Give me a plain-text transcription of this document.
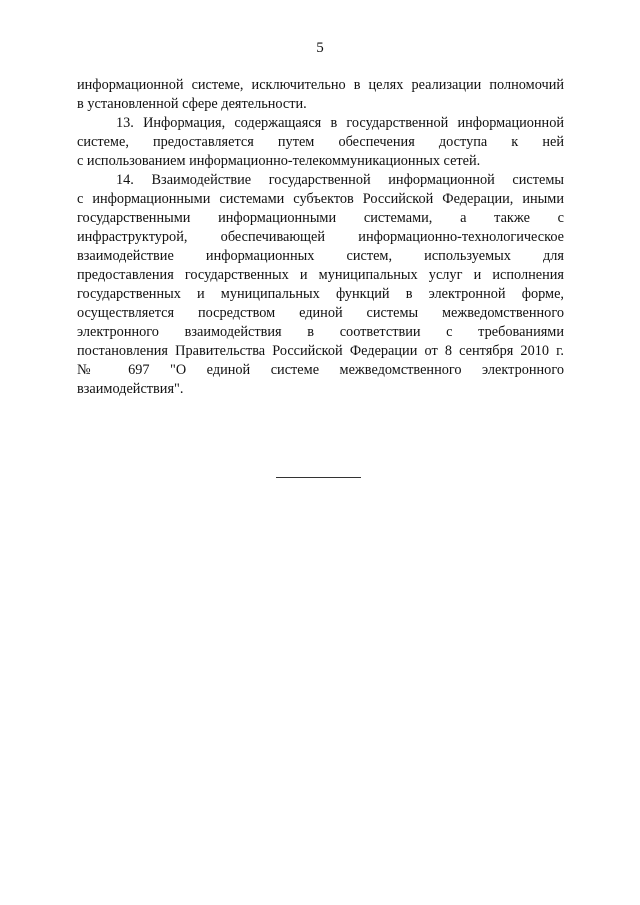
5
информационной системе, исключительно в целях реализации полномочий
в установленной сфере деятельности.
13. Информация, содержащаяся в государственной информационной
системе, предоставляется путем обеспечения доступа к ней
с использованием информационно-телекоммуникационных сетей.
14. Взаимодействие государственной информационной системы
с информационными системами субъектов Российской Федерации, иными
государственными информационными системами, а также с
инфраструктурой, обеспечивающей информационно-технологическое
взаимодействие информационных систем, используемых для
предоставления государственных и муниципальных услуг и исполнения
государственных и муниципальных функций в электронной форме,
осуществляется посредством единой системы межведомственного
электронного взаимодействия в соответствии с требованиями
постановления Правительства Российской Федерации от 8 сентября 2010 г.
№ 697 "О единой системе межведомственного электронного
взаимодействия".
